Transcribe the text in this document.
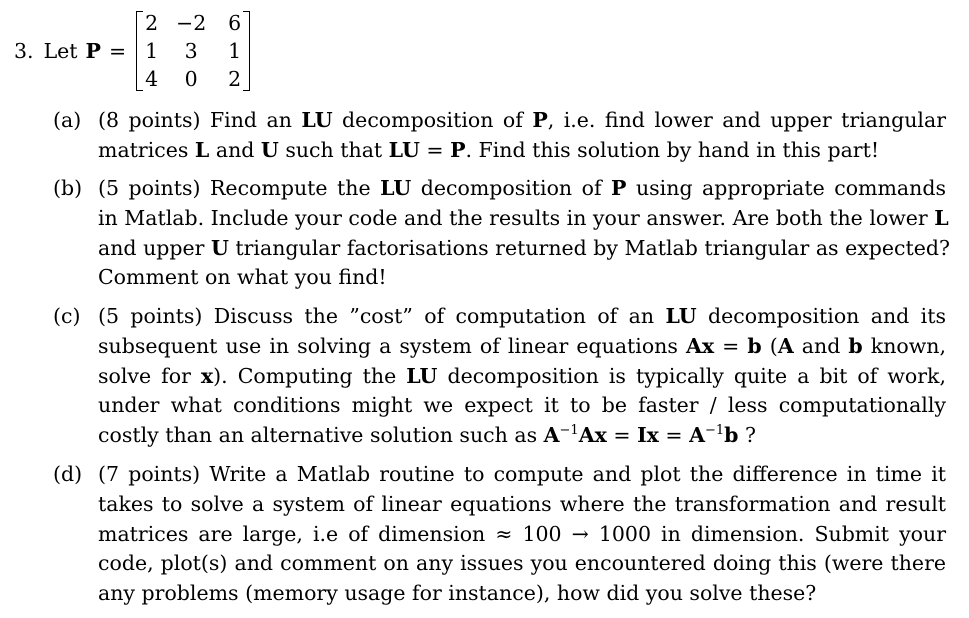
3. Let P =
2	−2	6
1	3	1
4	0	2
(a) (8 points) Find an LU decomposition of P, i.e. find lower and upper triangular
matrices L and U such that LU = P. Find this solution by hand in this part!
(b) (5 points) Recompute the LU decomposition of P using appropriate commands
in Matlab. Include your code and the results in your answer. Are both the lower L
and upper U triangular factorisations returned by Matlab triangular as expected?
Comment on what you find!
(c) (5 points) Discuss the ”cost” of computation of an LU decomposition and its
subsequent use in solving a system of linear equations Ax = b (A and b known,
solve for x). Computing the LU decomposition is typically quite a bit of work,
under what conditions might we expect it to be faster / less computationally
costly than an alternative solution such as $A^{-1}Ax = Ix = A^{-1}b$ ?
(d) (7 points) Write a Matlab routine to compute and plot the difference in time it
takes to solve a system of linear equations where the transformation and result
matrices are large, i.e of dimension ≈ 100 → 1000 in dimension. Submit your
code, plot(s) and comment on any issues you encountered doing this (were there
any problems (memory usage for instance), how did you solve these?
